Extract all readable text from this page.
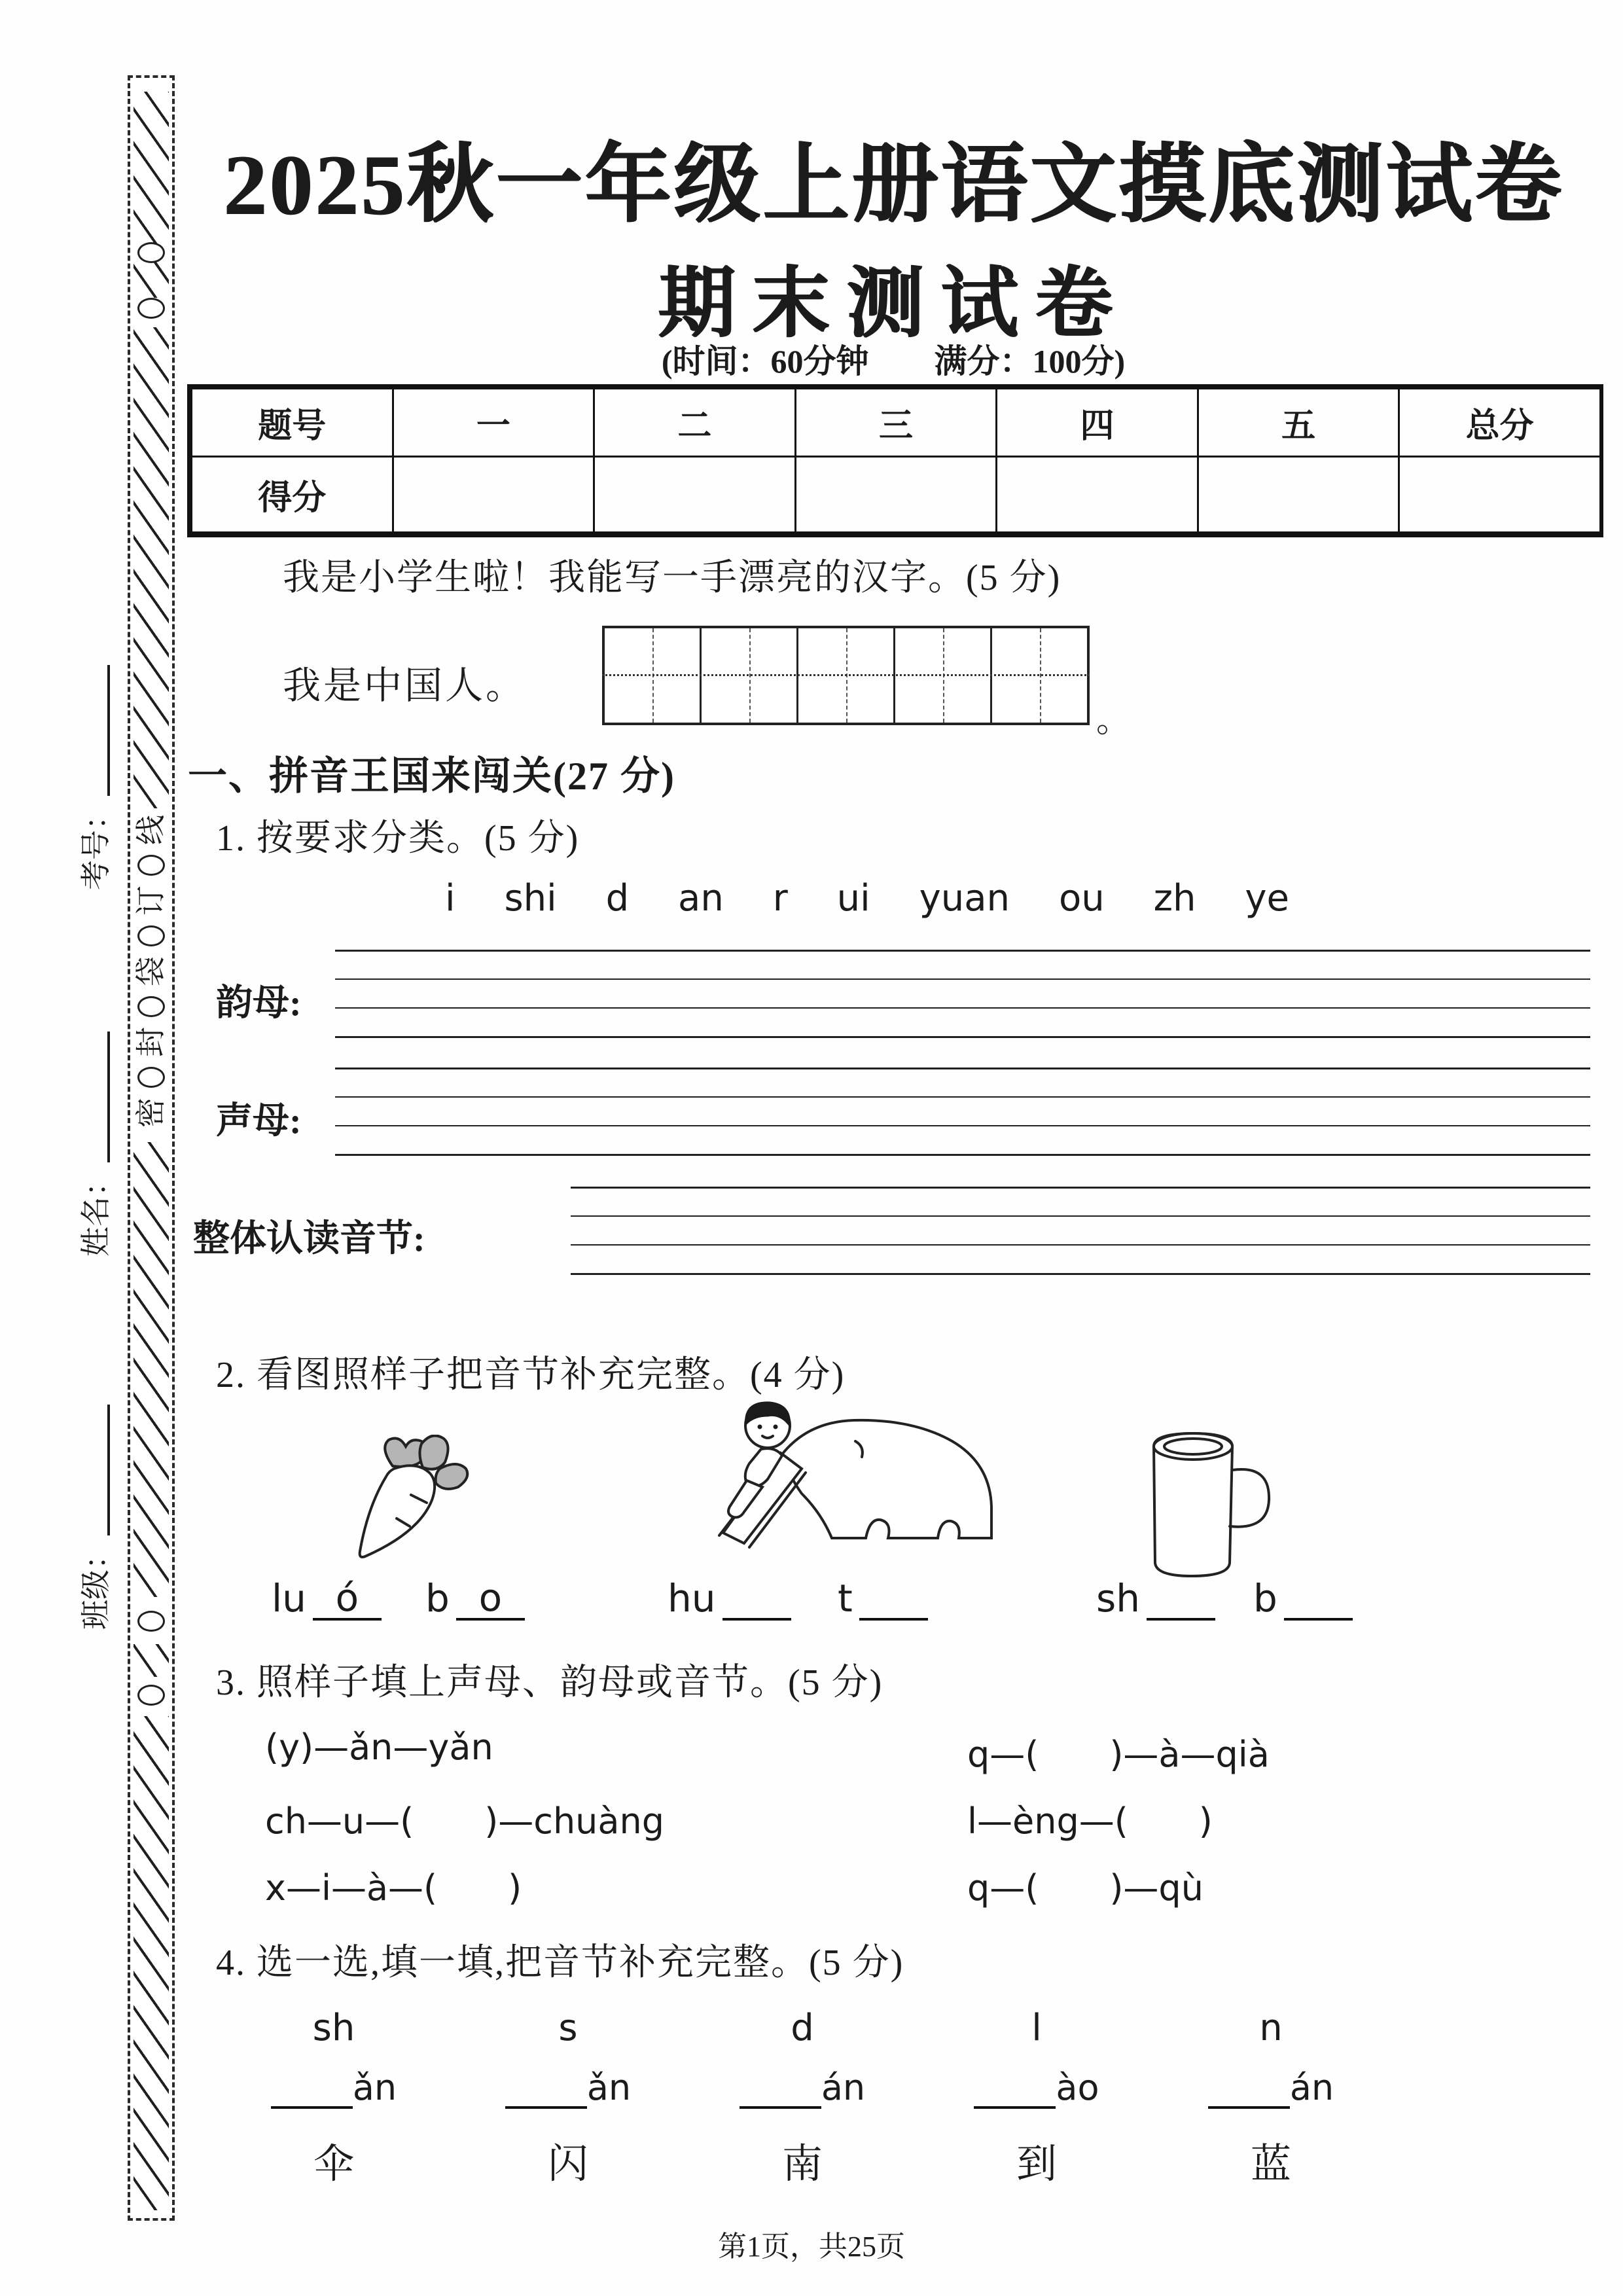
线
订
袋
封
密
考号：
姓名：
班级：
2025秋一年级上册语文摸底测试卷
期末测试卷
(时间：60分钟　　满分：100分)
题号	一	二	三	四	五	总分
得分						
我是小学生啦！我能写一手漂亮的汉字。(5 分)
我是中国人。
。
一、拼音王国来闯关(27 分)
1. 按要求分类。(5 分)
i shi d an r ui yuan ou zh ye
韵母:
声母:
整体认读音节:
2. 看图照样子把音节补充完整。(4 分)
lu ó	b o	hu	t	sh	b
3. 照样子填上声母、韵母或音节。(5 分)
(y)—ǎn—yǎn	q—(　　)—à—qià
ch—u—(　　)—chuàng	l—èng—(　　)
x—i—à—(　　)	q—(　　)—qù
4. 选一选,填一填,把音节补充完整。(5 分)
sh	s	d	l	n
ǎn	ǎn	án	ào	án
伞	闪	南	到	蓝
第1页，共25页
